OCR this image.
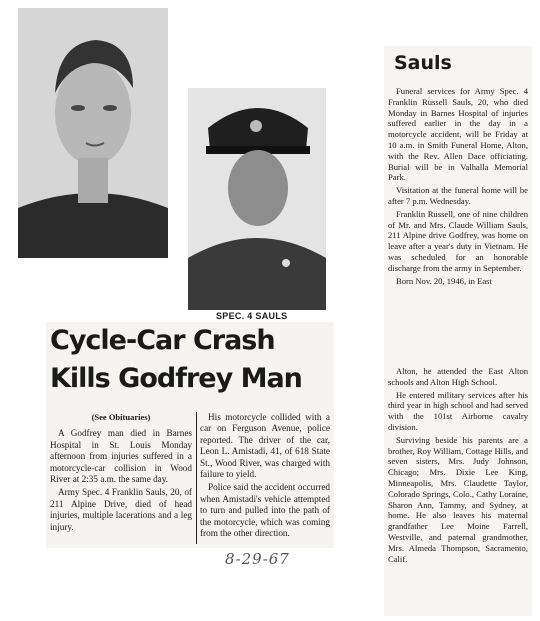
SPEC. 4 SAULS
Cycle-Car Crash
Kills Godfrey Man
(See Obituaries)

A Godfrey man died in Barnes Hospital in St. Louis Monday afternoon from injuries suffered in a motorcycle-car collision in Wood River at 2:35 a.m. the same day.

Army Spec. 4 Franklin Sauls, 20, of 211 Alpine Drive, died of head injuries, multiple lacerations and a leg injury.

His motorcycle collided with a car on Ferguson Avenue, police reported. The driver of the car, Leon L. Amistadi, 41, of 618 State St., Wood River, was charged with failure to yield.

Police said the accident occurred when Amistadi's vehicle attempted to turn and pulled into the path of the motorcycle, which was coming from the other direction.

8-29-67
Sauls

Funeral services for Army Spec. 4 Franklin Russell Sauls, 20, who died Monday in Barnes Hospital of injuries suffered earlier in the day in a motorcycle accident, will be Friday at 10 a.m. in Smith Funeral Home, Alton, with the Rev. Allen Dace officiating. Burial will be in Valhalla Memorial Park.

Visitation at the funeral home will be after 7 p.m. Wednesday.

Franklin Russell, one of nine children of Mr. and Mrs. Claude William Sauls, 211 Alpine drive Godfrey, was home on leave after a year's duty in Vietnam. He was scheduled for an honorable discharge from the army in September.

Born Nov. 20, 1946, in East

Alton, he attended the East Alton schools and Alton High School.

He entered military services after his third year in high school and had served with the 101st Airborne cavalry division.

Surviving beside his parents are a brother, Roy William, Cottage Hills, and seven sisters, Mrs. Judy Johnson, Chicago; Mrs. Dixie Lee King, Minneapolis, Mrs. Claudette Taylor, Colorado Springs, Colo., Cathy Loraine, Sharon Ann, Tammy, and Sydney, at home. He also leaves his maternal grandfather Lee Moine Farrell, Westville, and paternal grandmother, Mrs. Almeda Thompson, Sacramento, Calif.
